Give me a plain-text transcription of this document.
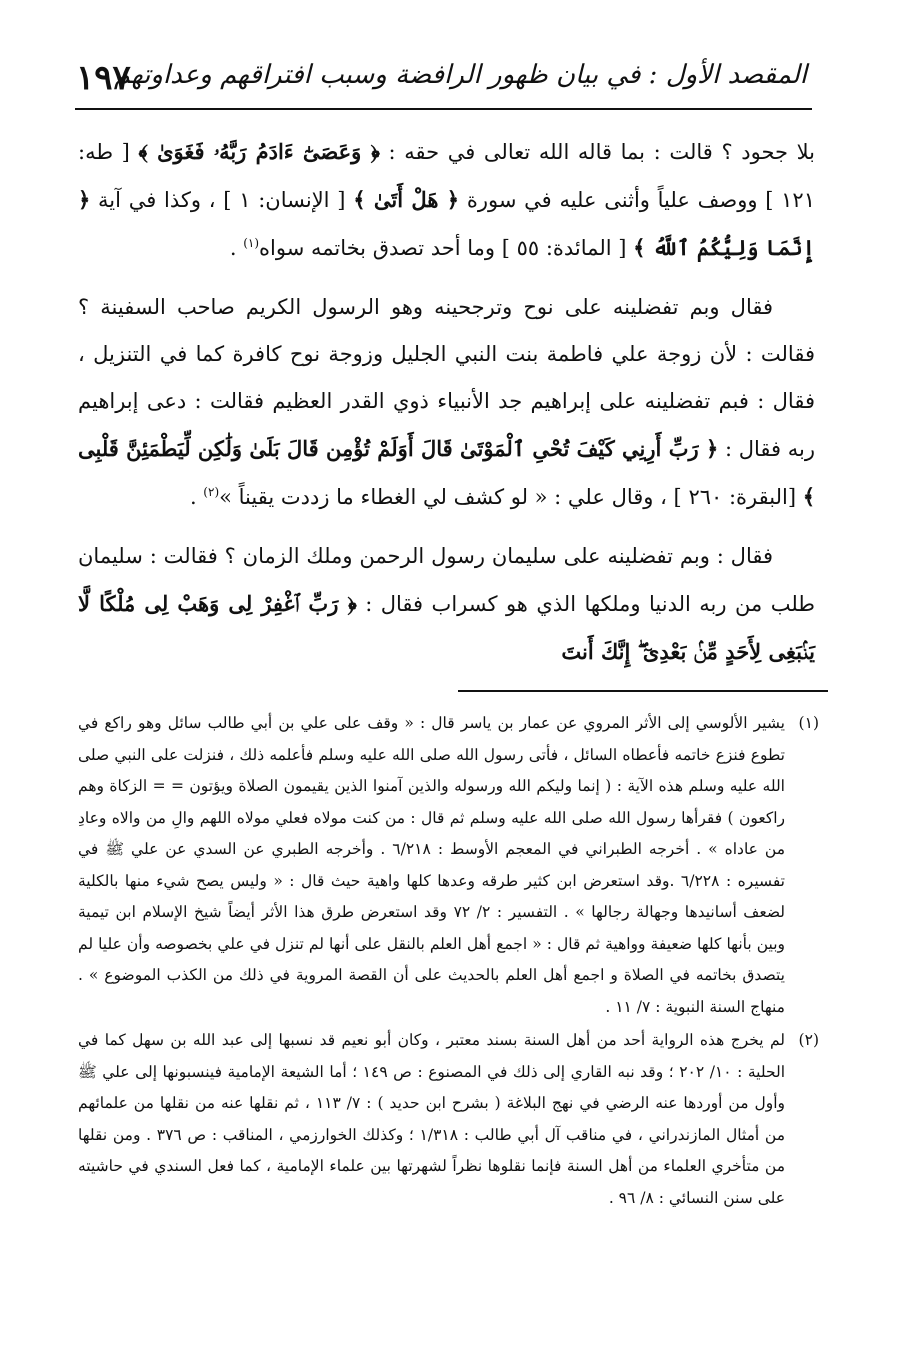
١٩٧
المقصد الأول : في بيان ظهور الرافضة وسبب افتراقهم وعداوتهم

بلا جحود ؟ قالت : بما قاله الله تعالى في حقه : ﴿ وَعَصَىٰٓ ءَادَمُ رَبَّهُۥ فَغَوَىٰ ﴾ [ طه: ١٢١ ] ووصف علياً وأثنى عليه في سورة ﴿ هَلْ أَتَىٰ ﴾ [ الإنسان: ١ ] ، وكذا في آية ﴿ إِنَّمَا وَلِيُّكُمُ ٱللَّهُ ﴾ [ المائدة: ٥٥ ] وما أحد تصدق بخاتمه سواه$^{(١)}$ .

فقال وبم تفضلينه على نوح وترجحينه وهو الرسول الكريم صاحب السفينة ؟ فقالت : لأن زوجة علي فاطمة بنت النبي الجليل وزوجة نوح كافرة كما في التنزيل ، فقال : فبم تفضلينه على إبراهيم جد الأنبياء ذوي القدر العظيم فقالت : دعى إبراهيم ربه فقال : ﴿ رَبِّ أَرِنِي كَيْفَ تُحْىِ ٱلْمَوْتَىٰ قَالَ أَوَلَمْ تُؤْمِن قَالَ بَلَىٰ وَلَٰكِن لِّيَطْمَئِنَّ قَلْبِى ﴾ [البقرة: ٢٦٠ ] ، وقال علي : « لو كشف لي الغطاء ما زددت يقيناً »$^{(٢)}$ .

فقال : وبم تفضلينه على سليمان رسول الرحمن وملك الزمان ؟ فقالت : سليمان طلب من ربه الدنيا وملكها الذي هو كسراب فقال : ﴿ رَبِّ ٱغْفِرْ لِى وَهَبْ لِى مُلْكًا لَّا يَنۢبَغِى لِأَحَدٍ مِّنۢ بَعْدِىٓ ۖ إِنَّكَ أَنتَ

(١)
يشير الألوسي إلى الأثر المروي عن عمار بن ياسر قال : « وقف على علي بن أبي طالب سائل وهو راكع في تطوع فنزع خاتمه فأعطاه السائل ، فأتى رسول الله صلى الله عليه وسلم فأعلمه ذلك ، فنزلت على النبي صلى الله عليه وسلم هذه الآية : ( إنما وليكم الله ورسوله والذين آمنوا الذين يقيمون الصلاة ويؤتون = = الزكاة وهم راكعون ) فقرأها رسول الله صلى الله عليه وسلم ثم قال : من كنت مولاه فعلي مولاه اللهم والِ من والاه وعادِ من عاداه » . أخرجه الطبراني في المعجم الأوسط : ٦/٢١٨ . وأخرجه الطبري عن السدي عن علي ﷺ في تفسيره : ٦/٢٢٨ .وقد استعرض ابن كثير طرقه وعدها كلها واهية حيث قال : « وليس يصح شيء منها بالكلية لضعف أسانيدها وجهالة رجالها » . التفسير : ٢/ ٧٢ وقد استعرض طرق هذا الأثر أيضاً شيخ الإسلام ابن تيمية وبين بأنها كلها ضعيفة وواهية ثم قال : « اجمع أهل العلم بالنقل على أنها لم تنزل في علي بخصوصه وأن عليا لم يتصدق بخاتمه في الصلاة و اجمع أهل العلم بالحديث على أن القصة المروية في ذلك من الكذب الموضوع » . منهاج السنة النبوية : ٧/ ١١ .
(٢)
لم يخرج هذه الرواية أحد من أهل السنة بسند معتبر ، وكان أبو نعيم قد نسبها إلى عبد الله بن سهل كما في الحلية : ١٠/ ٢٠٢ ؛ وقد نبه القاري إلى ذلك في المصنوع : ص ١٤٩ ؛ أما الشيعة الإمامية فينسبونها إلى علي ﷺ وأول من أوردها عنه الرضي في نهج البلاغة ( بشرح ابن حديد ) : ٧/ ١١٣ ، ثم نقلها عنه من نقلها من علمائهم من أمثال المازندراني ، في مناقب آل أبي طالب : ١/٣١٨ ؛ وكذلك الخوارزمي ، المناقب : ص ٣٧٦ . ومن نقلها من متأخري العلماء من أهل السنة فإنما نقلوها نظراً لشهرتها بين علماء الإمامية ، كما فعل السندي في حاشيته على سنن النسائي : ٨/ ٩٦ .
